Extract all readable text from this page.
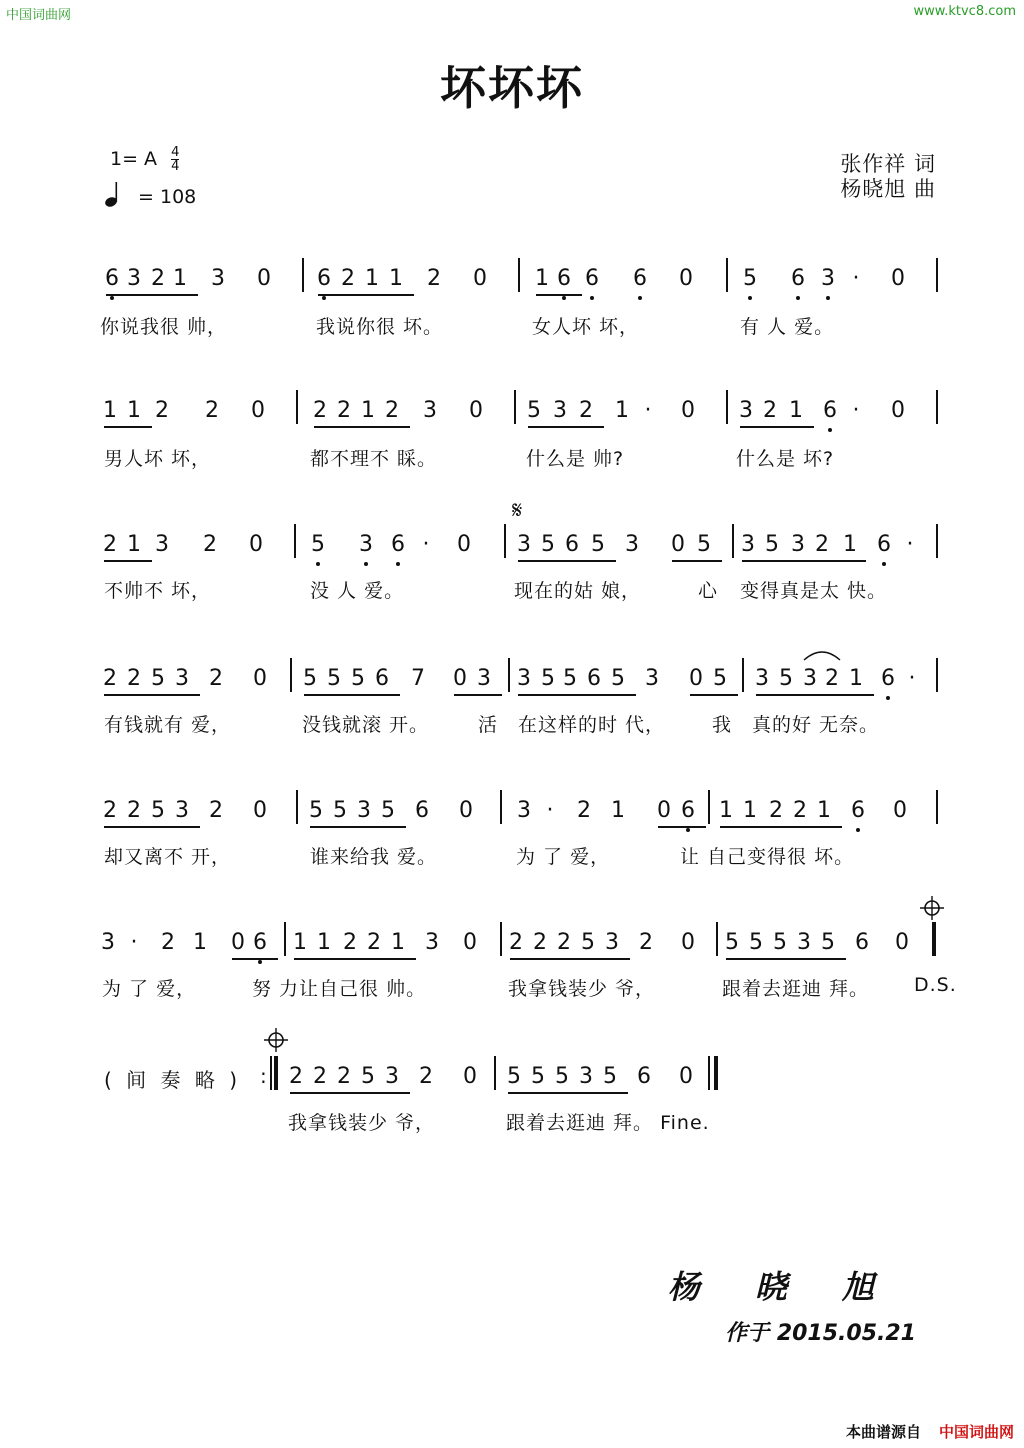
中国词曲网	www.ktvc8.com
坏坏坏
1= A $\frac{4}{4}$
= 108
张作祥 词
杨晓旭 曲
6 3 2 1 3 0 6 2 1 1 2 0 1 6 6 6 0 5 6 3 · 0
你说我很 帅，	我说你很 坏。	女人坏 坏，	有 人 爱。
1 1 2 2 0 2 2 1 2 3 0 5 3 2 1 · 0 3 2 1 6 · 0
男人坏 坏，	都不理不 睬。	什么是 帅?	什么是 坏?
2 1 3 2 0 5 3 6 · 0 3 5 6 5 3 0 5 3 5 3 2 1 6 ·
不帅不 坏，	没 人 爱。	现在的姑 娘，	心 变得真是太 快。
2 2 5 3 2 0 5 5 5 6 7 0 3 3 5 5 6 5 3 0 5 3 5 3 2 1 6 ·
有钱就有 爱，	没钱就滚 开。	活 在这样的时 代， 我 真的好 无奈。
2 2 5 3 2 0 5 5 3 5 6 0 3 · 2 1 0 6 1 1 2 2 1 6 0
却又离不 开，	谁来给我 爱。	为 了 爱，	让 自己变得很 坏。
3 · 2 1 0 6 1 1 2 2 1 3 0 2 2 2 5 3 2 0 5 5 5 3 5 6 0
为 了 爱，	努 力让自己很 帅。	我拿钱装少 爷，	跟着去逛迪 拜。 D.S.
2 2 2 5 3 2 0 5 5 5 3 5 6 0
我拿钱装少 爷，	跟着去逛迪 拜。 Fine.
𝄋
( 间 奏 略 ) :
杨 晓 旭
作于 2015.05.21
本曲谱源自 中国词曲网
